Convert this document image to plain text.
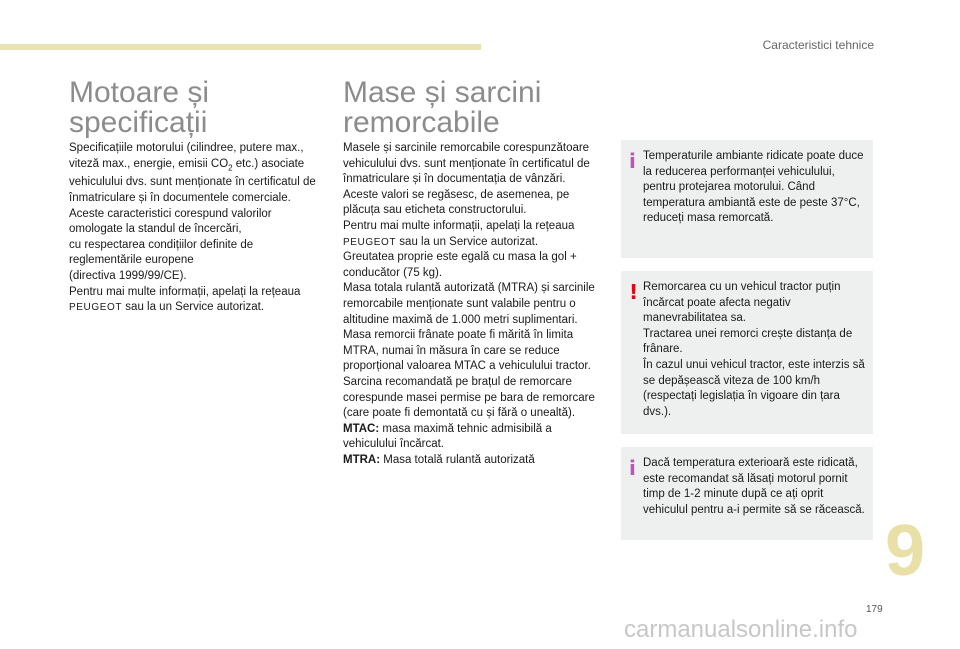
Caracteristici tehnice
Motoare și
specificații

Specificațiile motorului (cilindree, putere max., viteză max., energie, emisii $CO_2$ etc.) asociate vehiculului dvs. sunt menționate în certificatul de înmatriculare și în documentele comerciale.
Aceste caracteristici corespund valorilor omologate la standul de încercări,
cu respectarea condițiilor definite de reglementările europene
(directiva 1999/99/CE).
Pentru mai multe informații, apelați la rețeaua PEUGEOT sau la un Service autorizat.

Mase și sarcini
remorcabile

Masele și sarcinile remorcabile corespunzătoare vehiculului dvs. sunt menționate în certificatul de înmatriculare și în documentația de vânzări.

Aceste valori se regăsesc, de asemenea, pe plăcuța sau eticheta constructorului.

Pentru mai multe informații, apelați la rețeaua PEUGEOT sau la un Service autorizat.

Greutatea proprie este egală cu masa la gol + conducător (75 kg).

Masa totala rulantă autorizată (MTRA) și sarcinile remorcabile menționate sunt valabile pentru o altitudine maximă de 1.000 metri suplimentari.

Masa remorcii frânate poate fi mărită în limita MTRA, numai în măsura în care se reduce proporțional valoarea MTAC a vehiculului tractor.

Sarcina recomandată pe brațul de remorcare corespunde masei permise pe bara de remorcare (care poate fi demontată cu și fără o unealtă).

MTAC: masa maximă tehnic admisibilă a vehiculului încărcat.

MTRA: Masa totală rulantă autorizată

i Temperaturile ambiante ridicate poate duce la reducerea performanței vehiculului, pentru protejarea motorului. Când temperatura ambiantă este de peste 37°C, reduceți masa remorcată.

! Remorcarea cu un vehicul tractor puțin încărcat poate afecta negativ manevrabilitatea sa.

Tractarea unei remorci crește distanța de frânare.

În cazul unui vehicul tractor, este interzis să se depășească viteza de 100 km/h (respectați legislația în vigoare din țara dvs.).

i Dacă temperatura exterioară este ridicată, este recomandat să lăsați motorul pornit timp de 1-2 minute după ce ați oprit vehiculul pentru a-i permite să se răcească.

9
179
carmanualsonline.info
